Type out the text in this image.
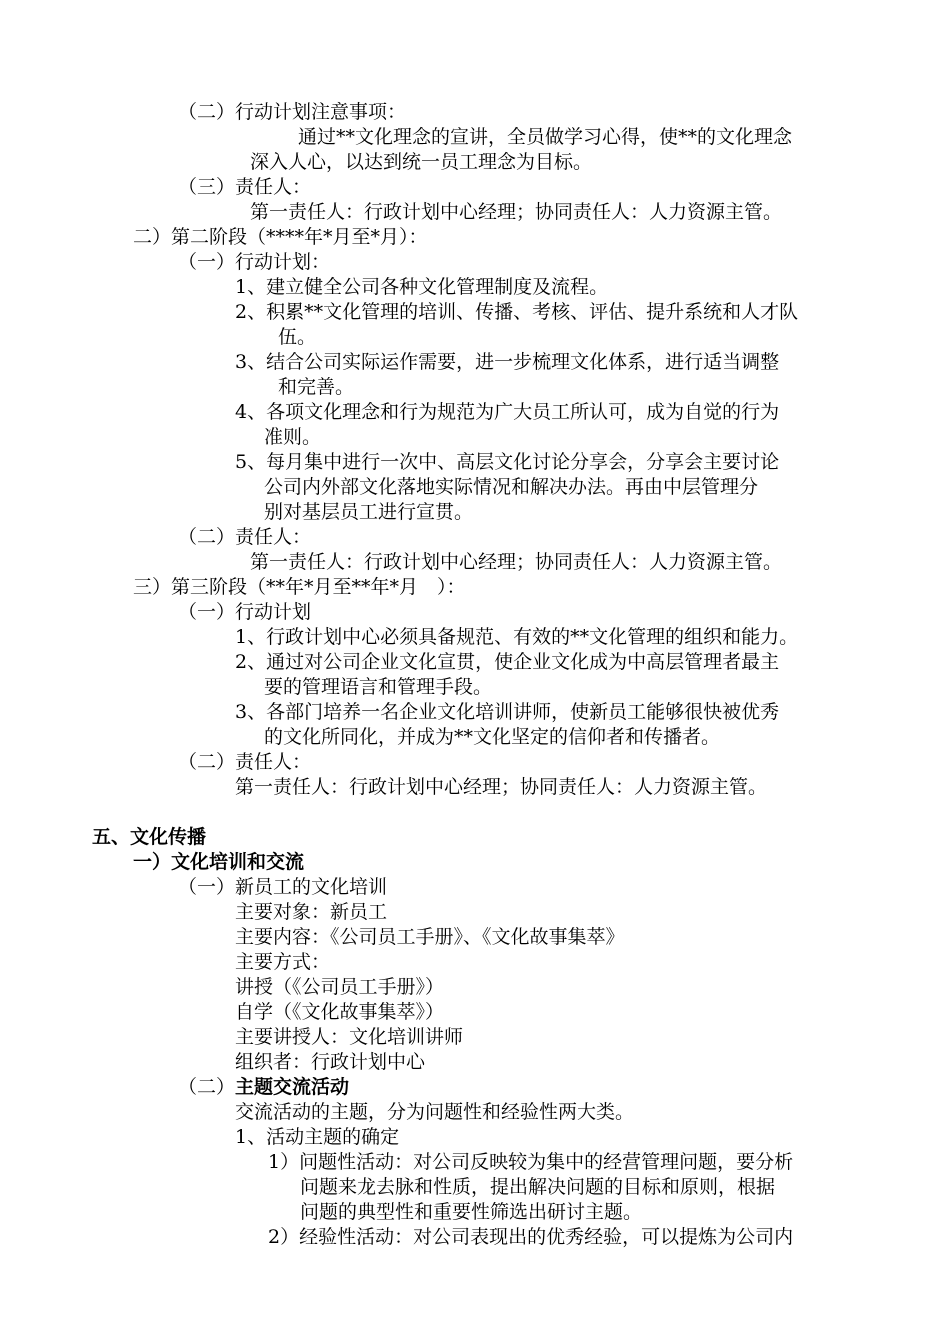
（二）行动计划注意事项：
通过**文化理念的宣讲，全员做学习心得，使**的文化理念
深入人心，以达到统一员工理念为目标。
（三）责任人：
第一责任人：行政计划中心经理；协同责任人：人力资源主管。
二）第二阶段（****年*月至*月）：
（一）行动计划：
1、建立健全公司各种文化管理制度及流程。
2、积累**文化管理的培训、传播、考核、评估、提升系统和人才队
伍。
3、结合公司实际运作需要，进一步梳理文化体系，进行适当调整
和完善。
4、各项文化理念和行为规范为广大员工所认可，成为自觉的行为
准则。
5、每月集中进行一次中、高层文化讨论分享会，分享会主要讨论
公司内外部文化落地实际情况和解决办法。再由中层管理分
别对基层员工进行宣贯。
（二）责任人：
第一责任人：行政计划中心经理；协同责任人：人力资源主管。
三）第三阶段（**年*月至**年*月　）：
（一）行动计划
1、行政计划中心必须具备规范、有效的**文化管理的组织和能力。
2、通过对公司企业文化宣贯，使企业文化成为中高层管理者最主
要的管理语言和管理手段。
3、各部门培养一名企业文化培训讲师，使新员工能够很快被优秀
的文化所同化，并成为**文化坚定的信仰者和传播者。
（二）责任人：
第一责任人：行政计划中心经理；协同责任人：人力资源主管。
五、文化传播
一）文化培训和交流
（一）新员工的文化培训
主要对象：新员工
主要内容：《公司员工手册》、《文化故事集萃》
主要方式：
讲授（《公司员工手册》）
自学（《文化故事集萃》）
主要讲授人：文化培训讲师
组织者：行政计划中心
（二）主题交流活动
交流活动的主题，分为问题性和经验性两大类。
1、活动主题的确定
1）问题性活动：对公司反映较为集中的经营管理问题，要分析
问题来龙去脉和性质，提出解决问题的目标和原则，根据
问题的典型性和重要性筛选出研讨主题。
2）经验性活动：对公司表现出的优秀经验，可以提炼为公司内
